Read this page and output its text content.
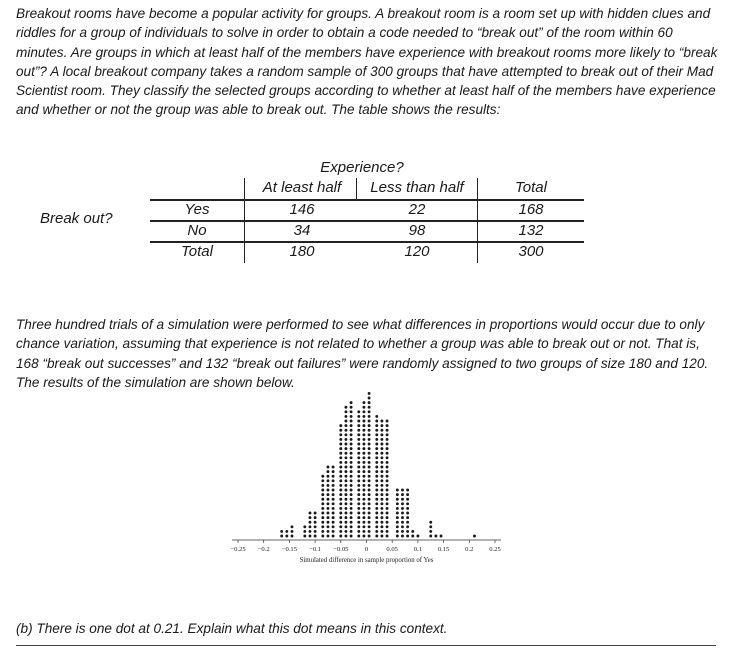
Breakout rooms have become a popular activity for groups. A breakout room is a room set up with hidden clues and riddles for a group of individuals to solve in order to obtain a code needed to “break out” of the room within 60 minutes. Are groups in which at least half of the members have experience with breakout rooms more likely to “break out”? A local breakout company takes a random sample of 300 groups that have attempted to break out of their Mad Scientist room. They classify the selected groups according to whether at least half of the members have experience and whether or not the group was able to break out. The table shows the results:

Experience?
At least half	Less than half	Total
Break out?
Yes	146	22	168
No	34	98	132
Total	180	120	300

Three hundred trials of a simulation were performed to see what differences in proportions would occur due to only chance variation, assuming that experience is not related to whether a group was able to break out or not. That is, 168 “break out successes” and 132 “break out failures” were randomly assigned to two groups of size 180 and 120. The results of the simulation are shown below.

−0.25 −0.2 −0.15 −0.1 −0.05 0	0.05 0.1 0.15 0.2 0.25
Simulated difference in sample proportion of Yes

(b) There is one dot at 0.21. Explain what this dot means in this context.
